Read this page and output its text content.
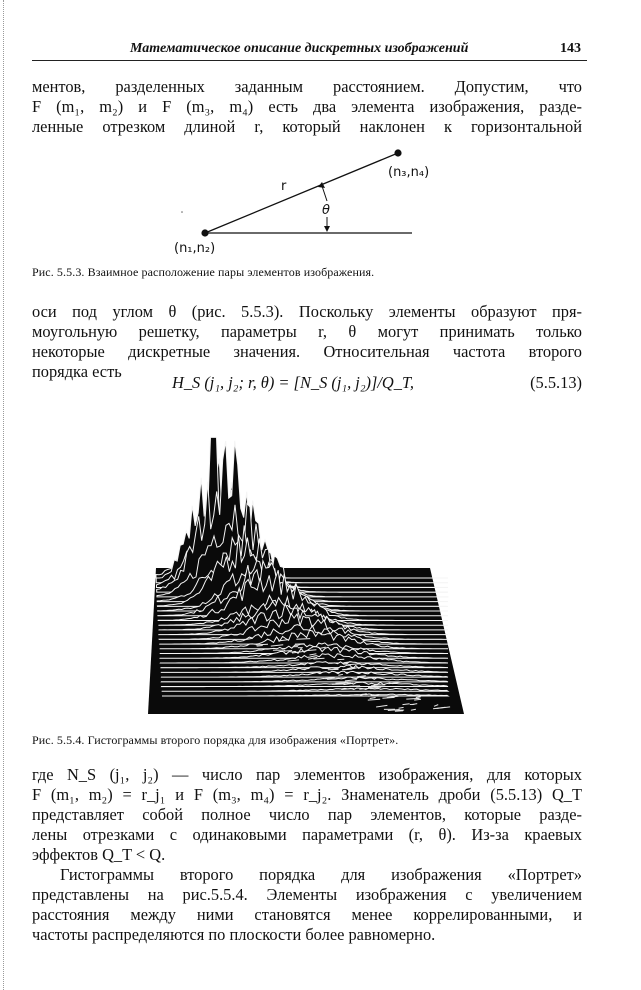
Математическое описание дискретных изображений	143

ментов, разделенных заданным расстоянием. Допустим, что
F (m₁, m₂) и F (m₃, m₄) есть два элемента изображения, разде-
ленные отрезком длиной r, который наклонен к горизонтальной

r
θ
(n₃,n₄)
(n₁,n₂)
Рис. 5.5.3. Взаимное расположение пары элементов изображения.

оси под углом θ (рис. 5.5.3). Поскольку элементы образуют пря-
моугольную решетку, параметры r, θ могут принимать только
некоторые дискретные значения. Относительная частота второго
порядка есть

H_S (j₁, j₂; r, θ) = [N_S (j₁, j₂)]/Q_T,	(5.5.13)
Рис. 5.5.4. Гистограммы второго порядка для изображения «Портрет».

где N_S (j₁, j₂) — число пар элементов изображения, для которых
F (m₁, m₂) = r_j₁ и F (m₃, m₄) = r_j₂. Знаменатель дроби (5.5.13) Q_T
представляет собой полное число пар элементов, которые разде-
лены отрезками с одинаковыми параметрами (r, θ). Из-за краевых
эффектов Q_T < Q.

Гистограммы второго порядка для изображения «Портрет»
представлены на рис.5.5.4. Элементы изображения с увеличением
расстояния между ними становятся менее коррелированными, и
частоты распределяются по плоскости более равномерно.
